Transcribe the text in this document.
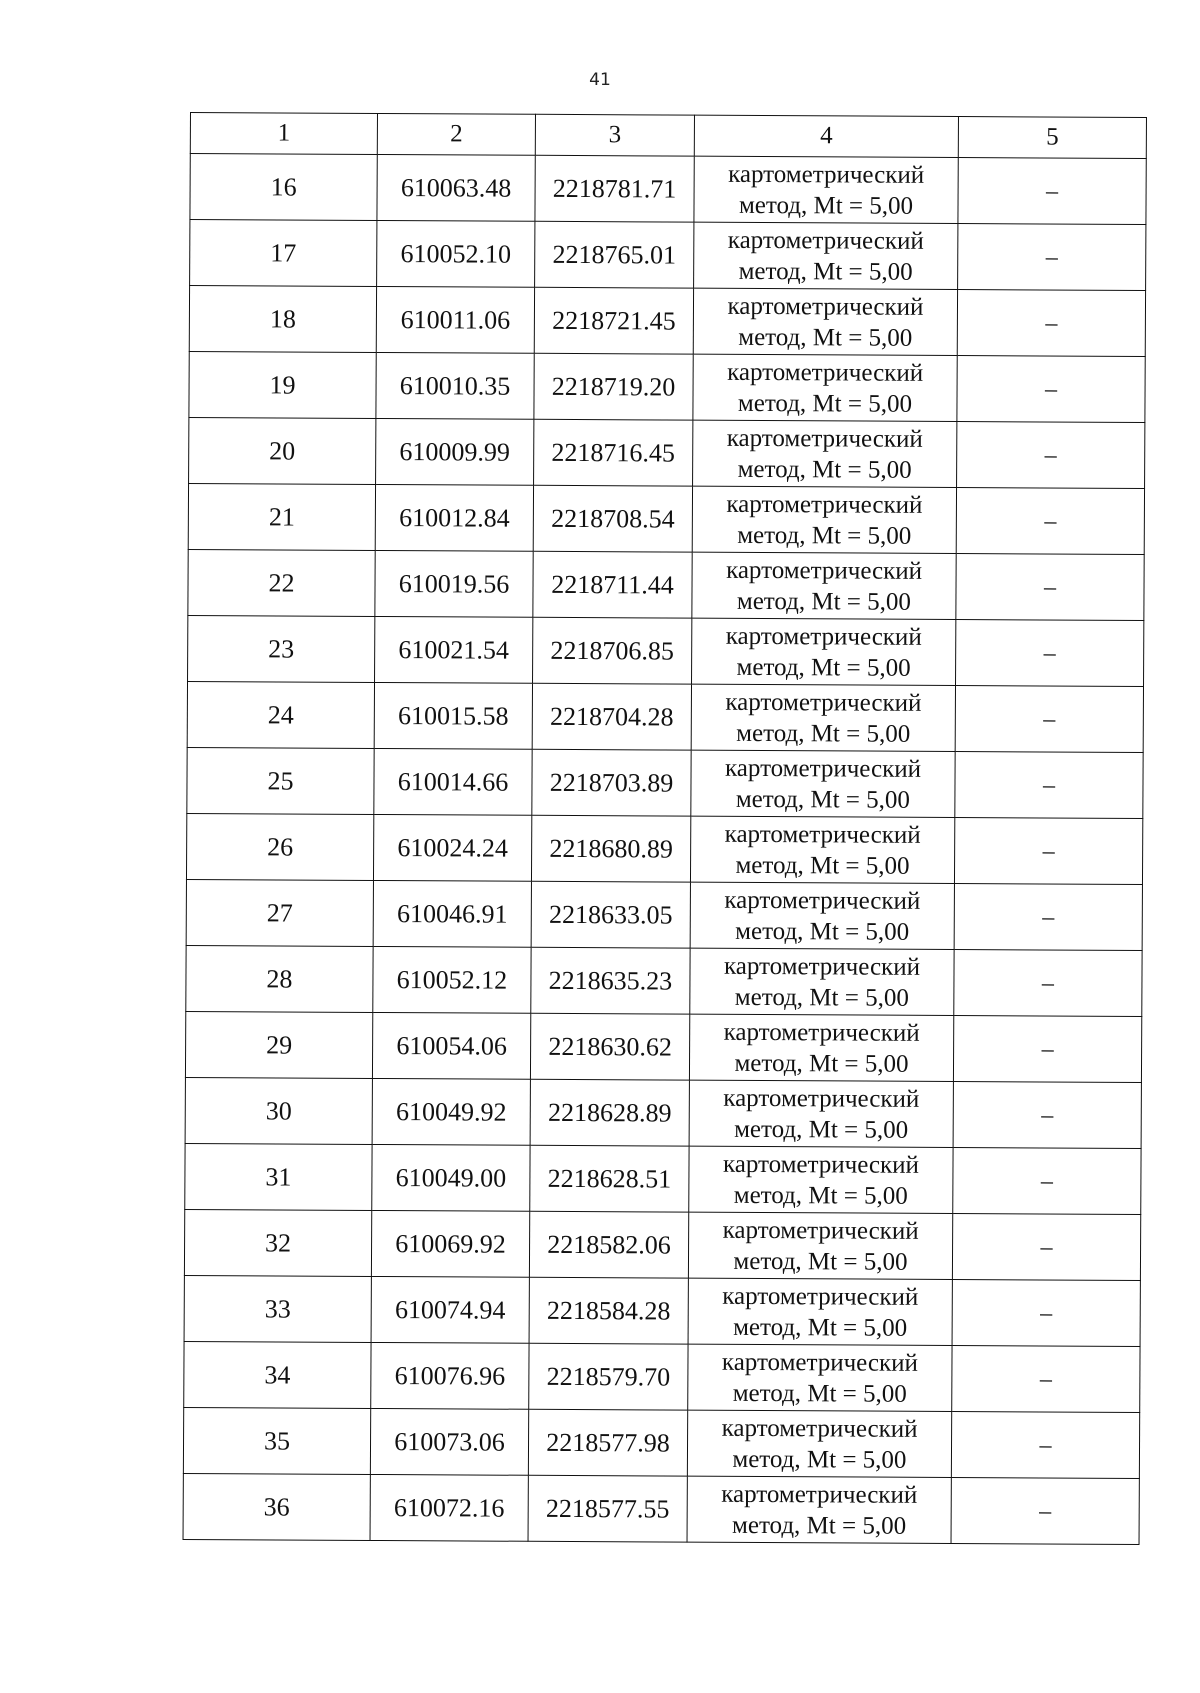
41
1	2	3	4	5
16	610063.48	2218781.71	картометрический метод, Mt = 5,00	–
17	610052.10	2218765.01	картометрический метод, Mt = 5,00	–
18	610011.06	2218721.45	картометрический метод, Mt = 5,00	–
19	610010.35	2218719.20	картометрический метод, Mt = 5,00	–
20	610009.99	2218716.45	картометрический метод, Mt = 5,00	–
21	610012.84	2218708.54	картометрический метод, Mt = 5,00	–
22	610019.56	2218711.44	картометрический метод, Mt = 5,00	–
23	610021.54	2218706.85	картометрический метод, Mt = 5,00	–
24	610015.58	2218704.28	картометрический метод, Mt = 5,00	–
25	610014.66	2218703.89	картометрический метод, Mt = 5,00	–
26	610024.24	2218680.89	картометрический метод, Mt = 5,00	–
27	610046.91	2218633.05	картометрический метод, Mt = 5,00	–
28	610052.12	2218635.23	картометрический метод, Mt = 5,00	–
29	610054.06	2218630.62	картометрический метод, Mt = 5,00	–
30	610049.92	2218628.89	картометрический метод, Mt = 5,00	–
31	610049.00	2218628.51	картометрический метод, Mt = 5,00	–
32	610069.92	2218582.06	картометрический метод, Mt = 5,00	–
33	610074.94	2218584.28	картометрический метод, Mt = 5,00	–
34	610076.96	2218579.70	картометрический метод, Mt = 5,00	–
35	610073.06	2218577.98	картометрический метод, Mt = 5,00	–
36	610072.16	2218577.55	картометрический метод, Mt = 5,00	–
